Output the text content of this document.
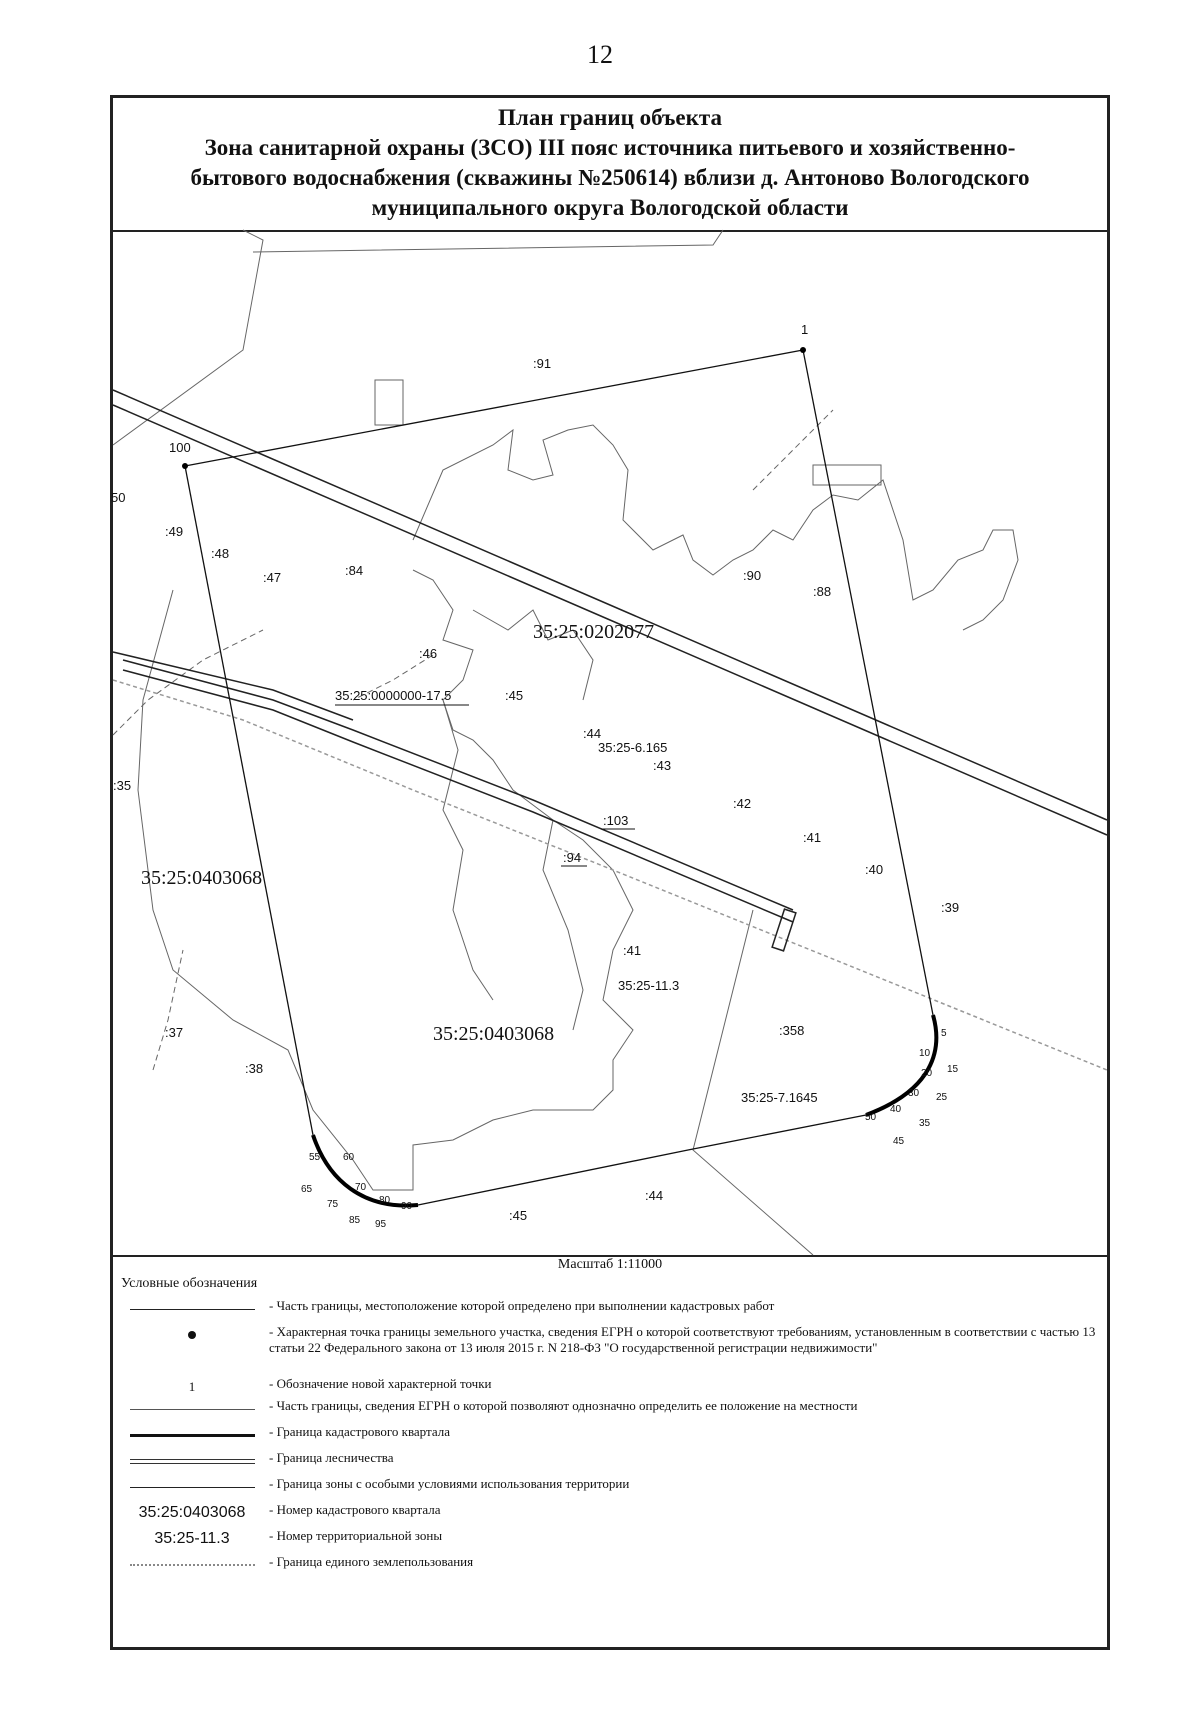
12
План границ объекта
Зона санитарной охраны (ЗСО) III пояс источника питьевого и хозяйственно-
бытового водоснабжения (скважины №250614) вблизи д. Антоново Вологодского
муниципального округа Вологодской области
1
100
:91
:84	:90
:88
50
:49
:48
:47
:46
:45
:44
:43
:42
:41
:40
:39
:35
:37
:38
:103
:94
:41
:358
:44
:45
35:25:0000000-17.5
35:25-6.165
35:25-11.3
35:25-7.1645
35:25:0202077
35:25:0403068
35:25:0403068	5
10
15
20
25
30
35
40
45
50
55 60
65	70
75	80
85
90
95
Масштаб 1:11000
Условные обозначения
- Часть границы, местоположение которой определено при выполнении кадастровых работ
- Характерная точка границы земельного участка, сведения ЕГРН о которой соответствуют требованиям, установленным в соответствии с частью 13 статьи 22 Федерального закона от 13 июля 2015 г. N 218-ФЗ "О государственной регистрации недвижимости"
1	- Обозначение новой характерной точки
- Часть границы, сведения ЕГРН о которой позволяют однозначно определить ее положение на местности
- Граница кадастрового квартала
- Граница лесничества
- Граница зоны с особыми условиями использования территории
35:25:0403068	- Номер кадастрового квартала
35:25-11.3	- Номер территориальной зоны
- Граница единого землепользования
